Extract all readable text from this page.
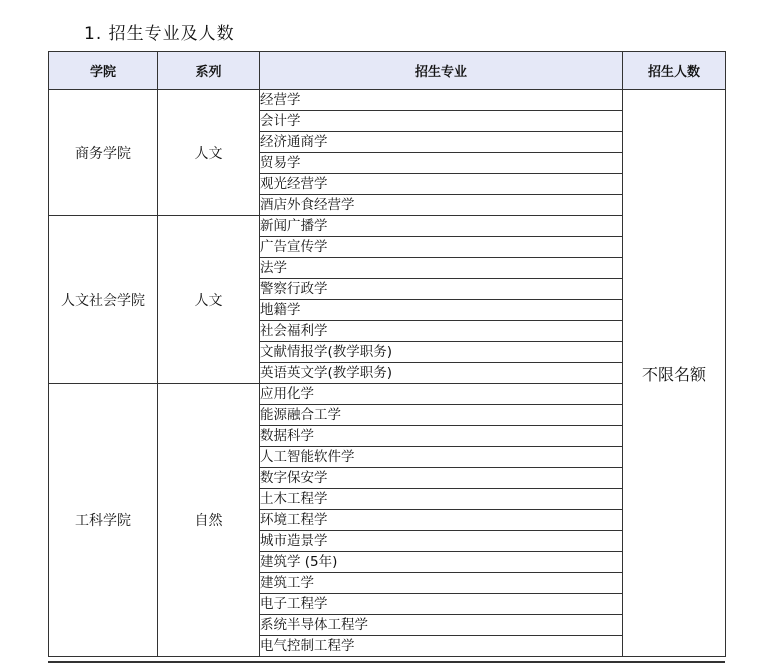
1. 招生专业及人数
学院	系列	招生专业	招生人数
商务学院	人文	经营学	不限名额
		会计学	
		经济通商学	
		贸易学	
		观光经营学	
		酒店外食经营学	
人文社会学院	人文	新闻广播学	
		广告宣传学	
		法学	
		警察行政学	
		地籍学	
		社会福利学	
		文献情报学(教学职务)	
		英语英文学(教学职务)	
工科学院	自然	应用化学	
		能源融合工学	
		数据科学	
		人工智能软件学	
		数字保安学	
		土木工程学	
		环境工程学	
		城市造景学	
		建筑学 (5年)	
		建筑工学	
		电子工程学	
		系统半导体工程学	
		电气控制工程学	
